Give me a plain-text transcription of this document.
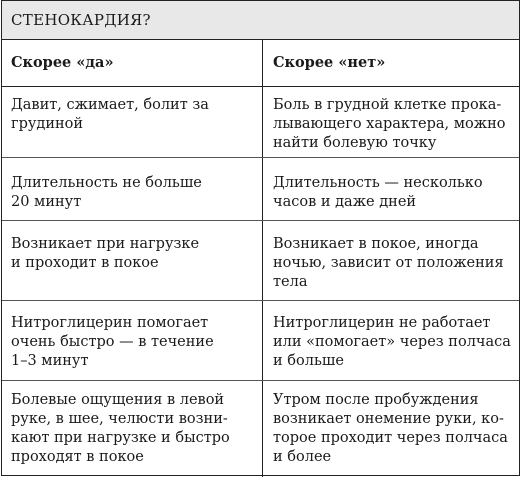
СТЕНОКАРДИЯ?
Скорее «да»	Скорее «нет»
Давит, сжимает, болит за
грудиной
Боль в грудной клетке прока-
лывающего характера, можно
найти болевую точку
Длительность не больше
20 минут
Длительность — несколько
часов и даже дней
Возникает при нагрузке
и проходит в покое
Возникает в покое, иногда
ночью, зависит от положения
тела
Нитроглицерин помогает
очень быстро — в течение
1–3 минут
Нитроглицерин не работает
или «помогает» через полчаса
и больше
Болевые ощущения в левой
руке, в шее, челюсти возни-
кают при нагрузке и быстро
проходят в покое
Утром после пробуждения
возникает онемение руки, ко-
торое проходит через полчаса
и более
